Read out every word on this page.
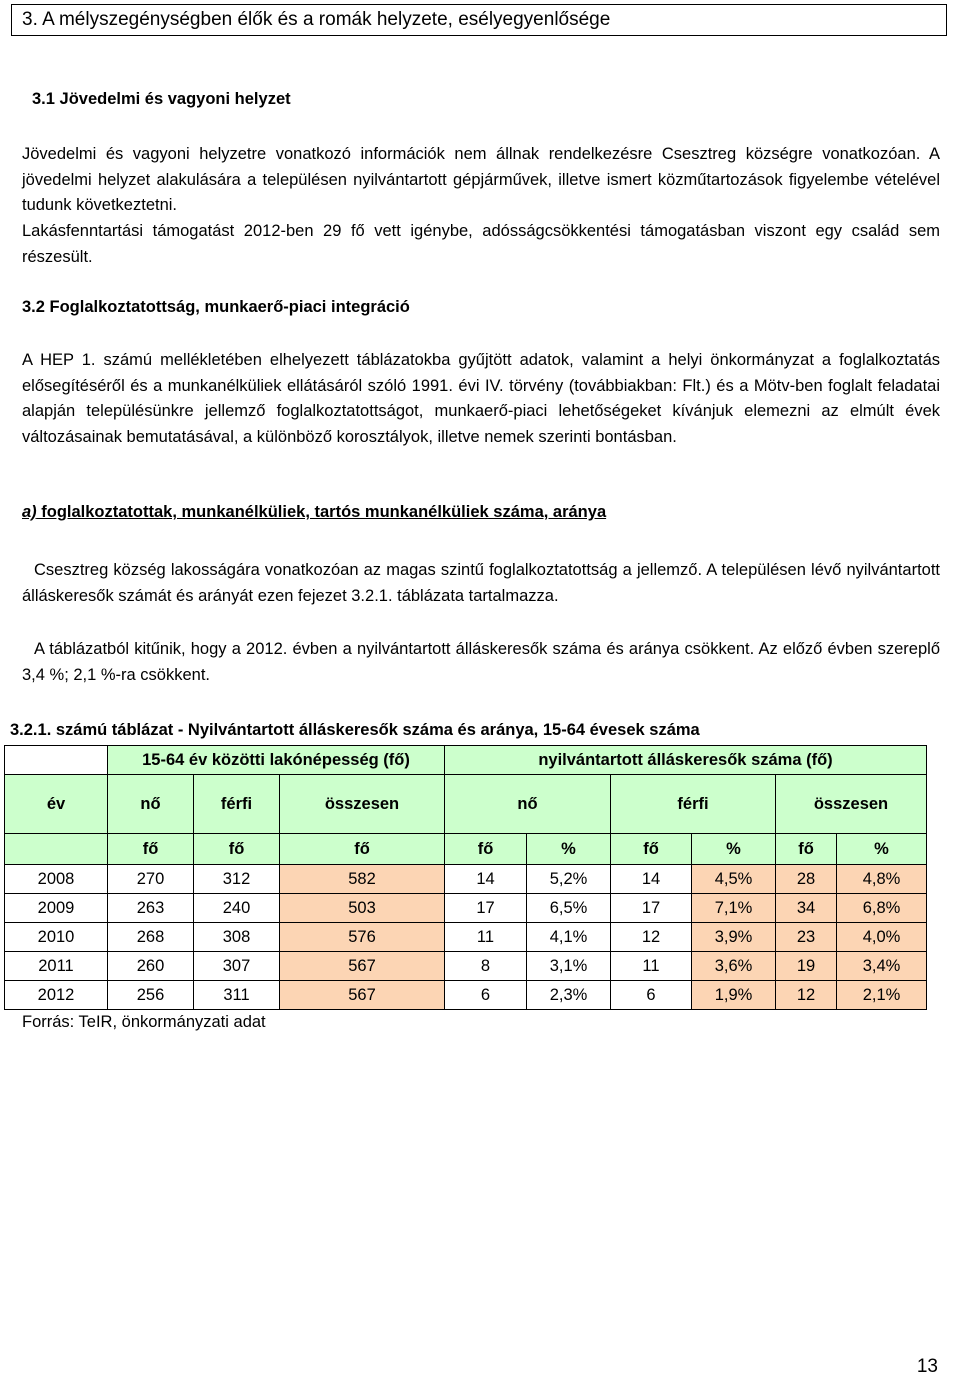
3. A mélyszegénységben élők és a romák helyzete, esélyegyenlősége
3.1 Jövedelmi és vagyoni helyzet
Jövedelmi és vagyoni helyzetre vonatkozó információk nem állnak rendelkezésre Csesztreg községre vonatkozóan. A jövedelmi helyzet alakulására a településen nyilvántartott gépjárművek, illetve ismert közműtartozások figyelembe vételével tudunk következtetni.
Lakásfenntartási támogatást 2012-ben 29 fő vett igénybe, adósságcsökkentési támogatásban viszont egy család sem részesült.
3.2 Foglalkoztatottság, munkaerő-piaci integráció
A HEP 1. számú mellékletében elhelyezett táblázatokba gyűjtött adatok, valamint a helyi önkormányzat a foglalkoztatás elősegítéséről és a munkanélküliek ellátásáról szóló 1991. évi IV. törvény (továbbiakban: Flt.) és a Mötv-ben foglalt feladatai alapján településünkre jellemző foglalkoztatottságot, munkaerő-piaci lehetőségeket kívánjuk elemezni az elmúlt évek változásainak bemutatásával, a különböző korosztályok, illetve nemek szerinti bontásban.
a) foglalkoztatottak, munkanélküliek, tartós munkanélküliek száma, aránya
Csesztreg község lakosságára vonatkozóan az magas szintű foglalkoztatottság a jellemző. A településen lévő nyilvántartott álláskeresők számát és arányát ezen fejezet 3.2.1. táblázata tartalmazza.
A táblázatból kitűnik, hogy a 2012. évben a nyilvántartott álláskeresők száma és aránya csökkent. Az előző évben szereplő 3,4 %; 2,1 %-ra csökkent.
3.2.1. számú táblázat - Nyilvántartott álláskeresők száma és aránya, 15-64 évesek száma
	15-64 év közötti lakónépesség (fő)			nyilvántartott álláskeresők száma (fő)					
év	nő	férfi	összesen	nő		férfi		összesen	
	fő	fő	fő	fő	%	fő	%	fő	%
2008	270	312	582	14	5,2%	14	4,5%	28	4,8%
2009	263	240	503	17	6,5%	17	7,1%	34	6,8%
2010	268	308	576	11	4,1%	12	3,9%	23	4,0%
2011	260	307	567	8	3,1%	11	3,6%	19	3,4%
2012	256	311	567	6	2,3%	6	1,9%	12	2,1%
Forrás: TeIR, önkormányzati adat
13
